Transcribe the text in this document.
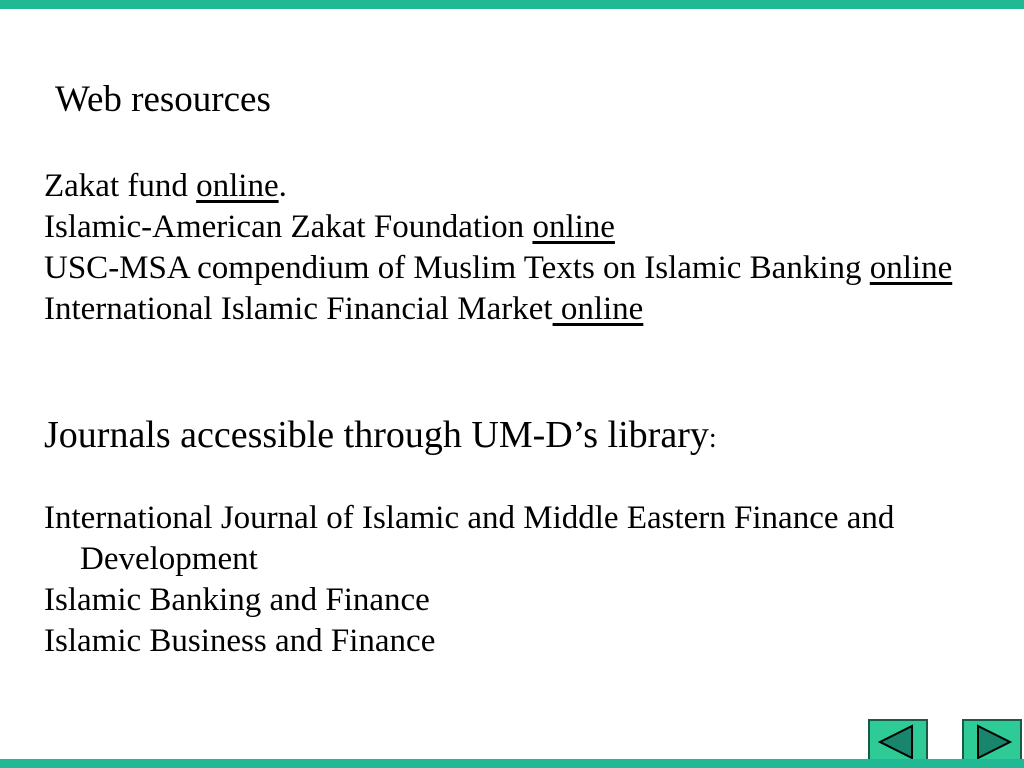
Web resources
Zakat fund online.
Islamic-American Zakat Foundation online
USC-MSA compendium of Muslim Texts on Islamic Banking online
International Islamic Financial Market online
Journals accessible through UM-D’s library:
International Journal of Islamic and Middle Eastern Finance and
Development
Islamic Banking and Finance
Islamic Business and Finance
